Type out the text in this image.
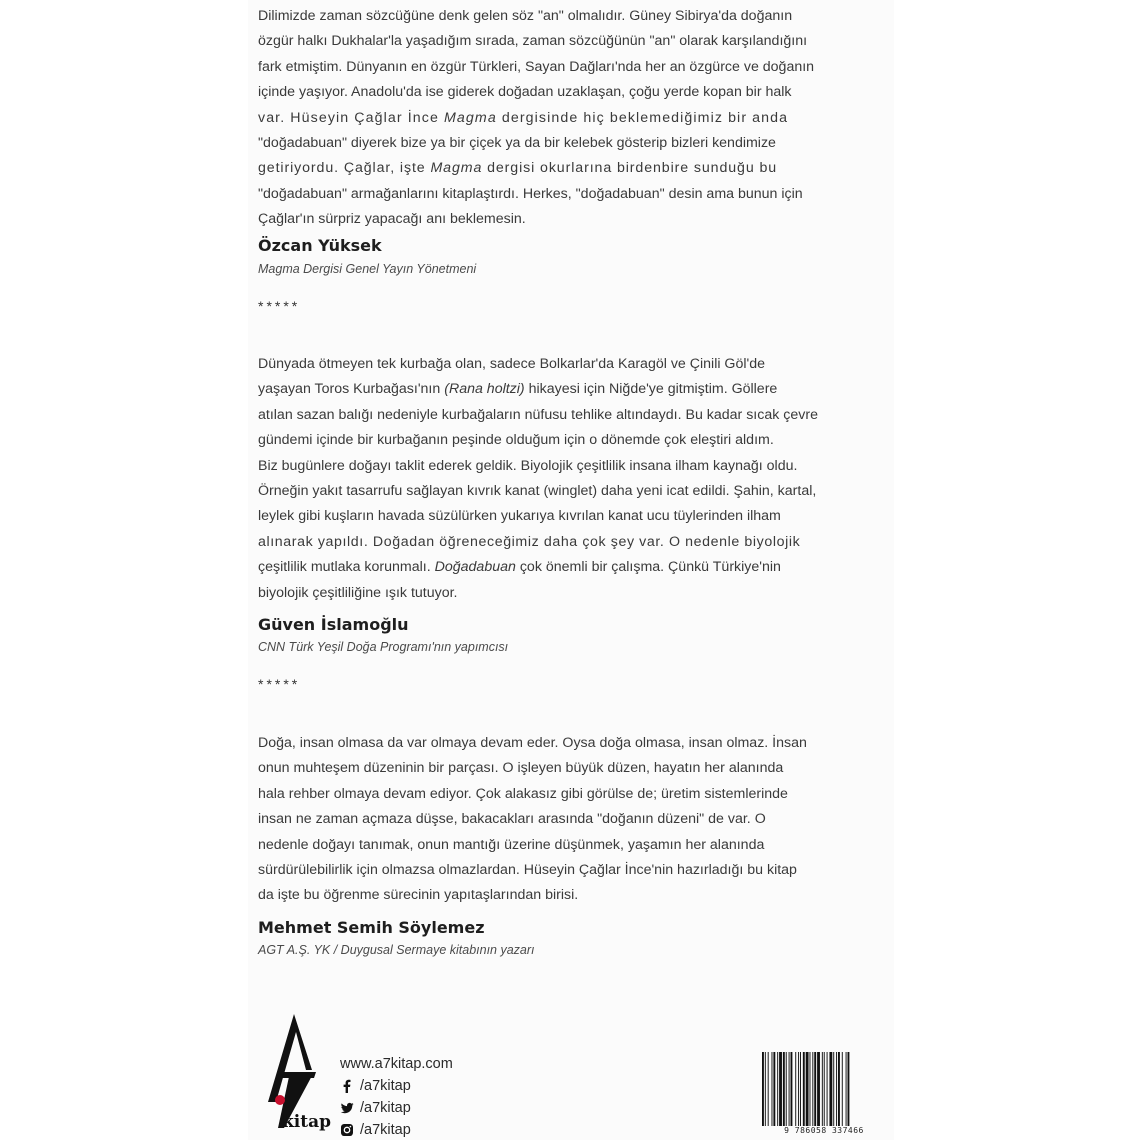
Dilimizde zaman sözcüğüne denk gelen söz "an" olmalıdır. Güney Sibirya'da doğanın
özgür halkı Dukhalar'la yaşadığım sırada, zaman sözcüğünün "an" olarak karşılandığını
fark etmiştim. Dünyanın en özgür Türkleri, Sayan Dağları'nda her an özgürce ve doğanın
içinde yaşıyor. Anadolu'da ise giderek doğadan uzaklaşan, çoğu yerde kopan bir halk
var. Hüseyin Çağlar İnce Magma dergisinde hiç beklemediğimiz bir anda
"doğadabuan" diyerek bize ya bir çiçek ya da bir kelebek gösterip bizleri kendimize
getiriyordu. Çağlar, işte Magma dergisi okurlarına birdenbire sunduğu bu
"doğadabuan" armağanlarını kitaplaştırdı. Herkes, "doğadabuan" desin ama bunun için
Çağlar'ın sürpriz yapacağı anı beklemesin.

Özcan Yüksek

Magma Dergisi Genel Yayın Yönetmeni

*****

Dünyada ötmeyen tek kurbağa olan, sadece Bolkarlar'da Karagöl ve Çinili Göl'de
yaşayan Toros Kurbağası'nın (Rana holtzi) hikayesi için Niğde'ye gitmiştim. Göllere
atılan sazan balığı nedeniyle kurbağaların nüfusu tehlike altındaydı. Bu kadar sıcak çevre
gündemi içinde bir kurbağanın peşinde olduğum için o dönemde çok eleştiri aldım.
Biz bugünlere doğayı taklit ederek geldik. Biyolojik çeşitlilik insana ilham kaynağı oldu.
Örneğin yakıt tasarrufu sağlayan kıvrık kanat (winglet) daha yeni icat edildi. Şahin, kartal,
leylek gibi kuşların havada süzülürken yukarıya kıvrılan kanat ucu tüylerinden ilham
alınarak yapıldı. Doğadan öğreneceğimiz daha çok şey var. O nedenle biyolojik
çeşitlilik mutlaka korunmalı. Doğadabuan çok önemli bir çalışma. Çünkü Türkiye'nin
biyolojik çeşitliliğine ışık tutuyor.

Güven İslamoğlu

CNN Türk Yeşil Doğa Programı'nın yapımcısı

*****

Doğa, insan olmasa da var olmaya devam eder. Oysa doğa olmasa, insan olmaz. İnsan
onun muhteşem düzeninin bir parçası. O işleyen büyük düzen, hayatın her alanında
hala rehber olmaya devam ediyor. Çok alakasız gibi görülse de; üretim sistemlerinde
insan ne zaman açmaza düşse, bakacakları arasında "doğanın düzeni" de var. O
nedenle doğayı tanımak, onun mantığı üzerine düşünmek, yaşamın her alanında
sürdürülebilirlik için olmazsa olmazlardan. Hüseyin Çağlar İnce'nin hazırladığı bu kitap
da işte bu öğrenme sürecinin yapıtaşlarından birisi.

Mehmet Semih Söylemez

AGT A.Ş. YK / Duygusal Sermaye kitabının yazarı

kitap
www.a7kitap.com
/a7kitap
/a7kitap
/a7kitap	9 786058 337466
